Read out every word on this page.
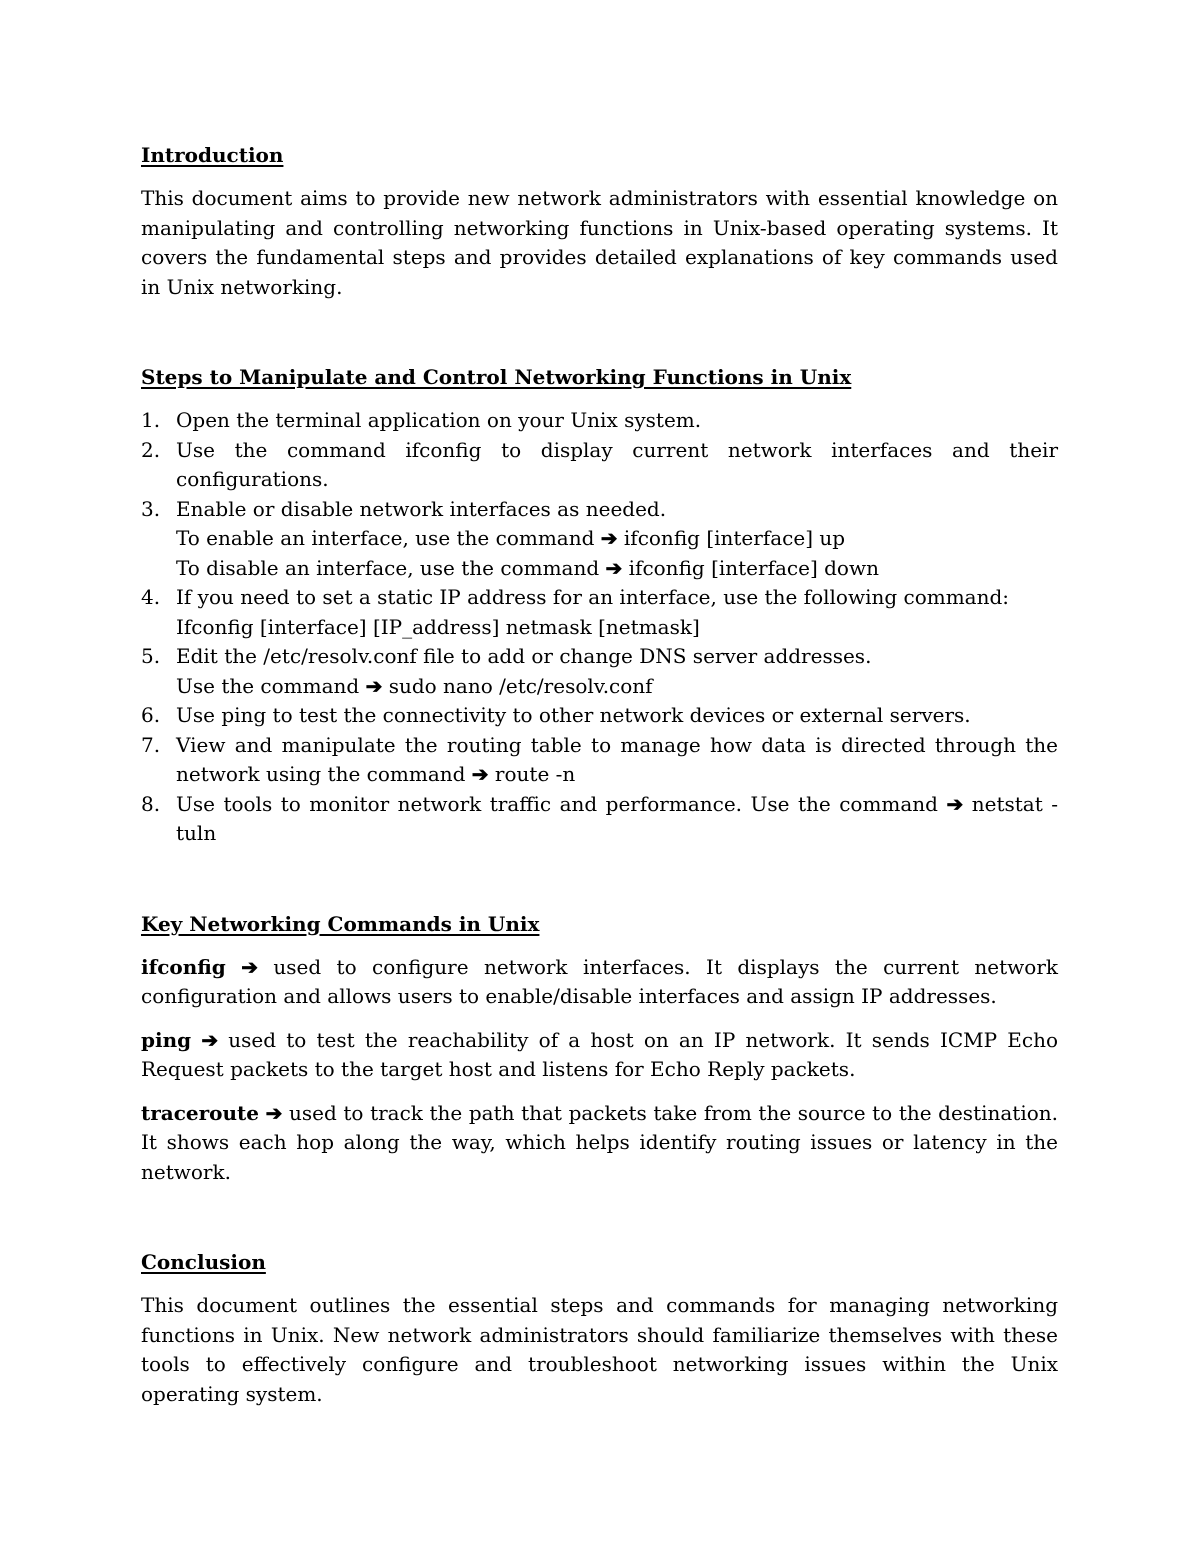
Introduction

This document aims to provide new network administrators with essential knowledge on manipulating and controlling networking functions in Unix-based operating systems. It covers the fundamental steps and provides detailed explanations of key commands used in Unix networking.

Steps to Manipulate and Control Networking Functions in Unix

1. Open the terminal application on your Unix system.
2. Use the command ifconfig to display current network interfaces and their configurations.
3. Enable or disable network interfaces as needed.
To enable an interface, use the command ➔ ifconfig [interface] up
To disable an interface, use the command ➔ ifconfig [interface] down
4. If you need to set a static IP address for an interface, use the following command:
Ifconfig [interface] [IP_address] netmask [netmask]
5. Edit the /etc/resolv.conf file to add or change DNS server addresses.
Use the command ➔ sudo nano /etc/resolv.conf
6. Use ping to test the connectivity to other network devices or external servers.
7. View and manipulate the routing table to manage how data is directed through the network using the command ➔ route -n
8. Use tools to monitor network traffic and performance. Use the command ➔ netstat -tuln

Key Networking Commands in Unix

ifconfig ➔ used to configure network interfaces. It displays the current network configuration and allows users to enable/disable interfaces and assign IP addresses.

ping ➔ used to test the reachability of a host on an IP network. It sends ICMP Echo Request packets to the target host and listens for Echo Reply packets.

traceroute ➔ used to track the path that packets take from the source to the destination. It shows each hop along the way, which helps identify routing issues or latency in the network.

Conclusion

This document outlines the essential steps and commands for managing networking functions in Unix. New network administrators should familiarize themselves with these tools to effectively configure and troubleshoot networking issues within the Unix operating system.
